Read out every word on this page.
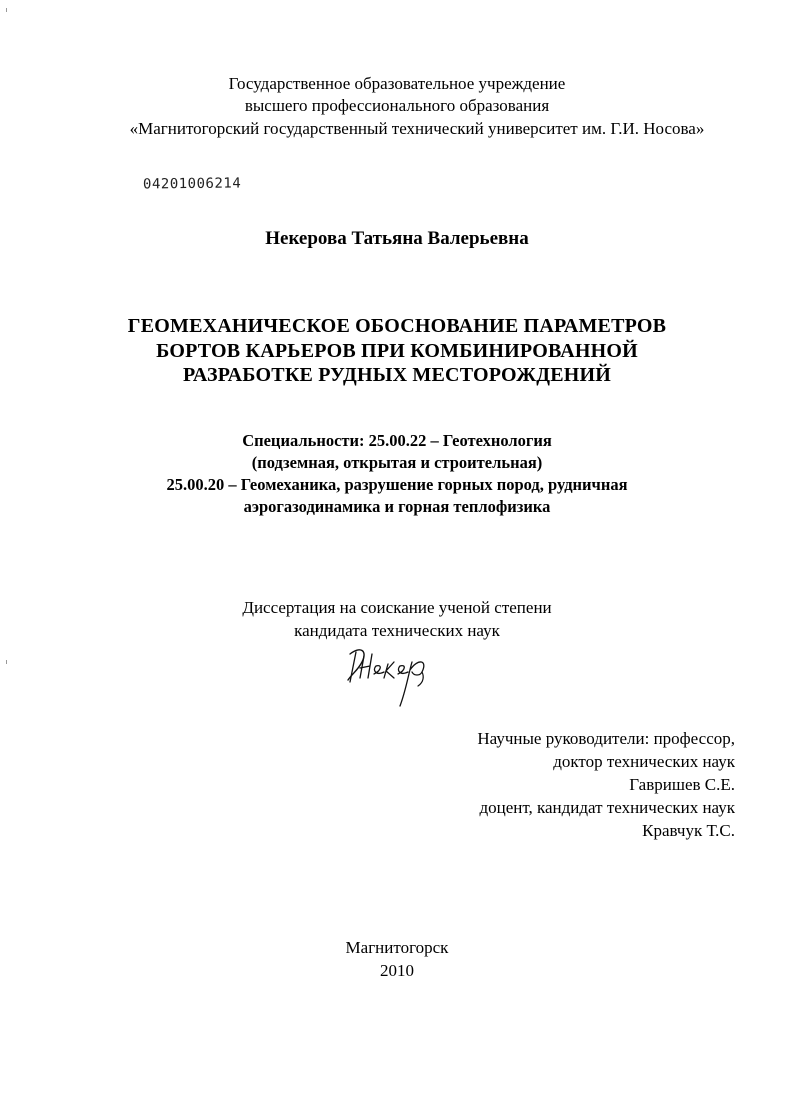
Государственное образовательное учреждение
высшего профессионального образования
«Магнитогорский государственный технический университет им. Г.И. Носова»
04201006214
Некерова Татьяна Валерьевна
ГЕОМЕХАНИЧЕСКОЕ ОБОСНОВАНИЕ ПАРАМЕТРОВ
БОРТОВ КАРЬЕРОВ ПРИ КОМБИНИРОВАННОЙ
РАЗРАБОТКЕ РУДНЫХ МЕСТОРОЖДЕНИЙ
Специальности: 25.00.22 – Геотехнология
(подземная, открытая и строительная)
25.00.20 – Геомеханика, разрушение горных пород, рудничная
аэрогазодинамика и горная теплофизика
Диссертация на соискание ученой степени
кандидата технических наук
Научные руководители: профессор,
доктор технических наук
Гавришев С.Е.
доцент, кандидат технических наук
Кравчук Т.С.
Магнитогорск
2010
